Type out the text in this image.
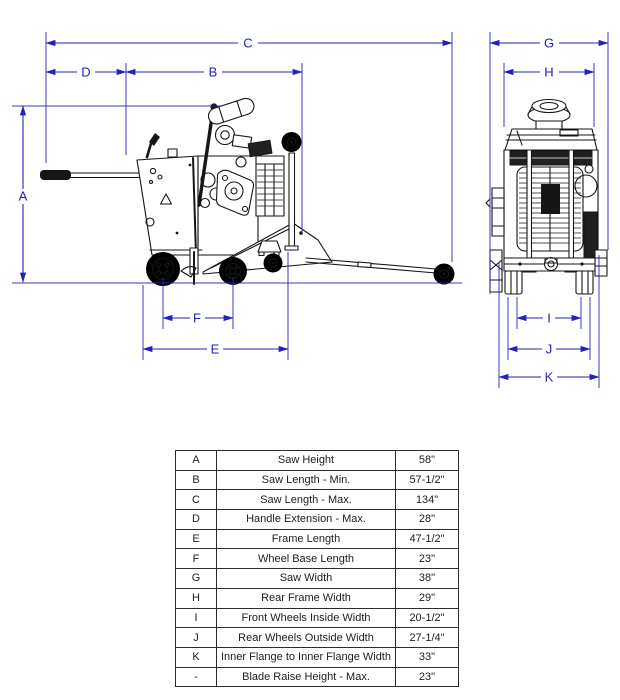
C
D	B
A
F
E
G
H
I
J
K
A	Saw Height	58"
B	Saw Length - Min.	57-1/2"
C	Saw Length - Max.	134"
D	Handle Extension - Max.	28"
E	Frame Length	47-1/2"
F	Wheel Base Length	23"
G	Saw Width	38"
H	Rear Frame Width	29"
I	Front Wheels Inside Width	20-1/2"
J	Rear Wheels Outside Width	27-1/4"
K	Inner Flange to Inner Flange Width	33"
-	Blade Raise Height - Max.	23"
